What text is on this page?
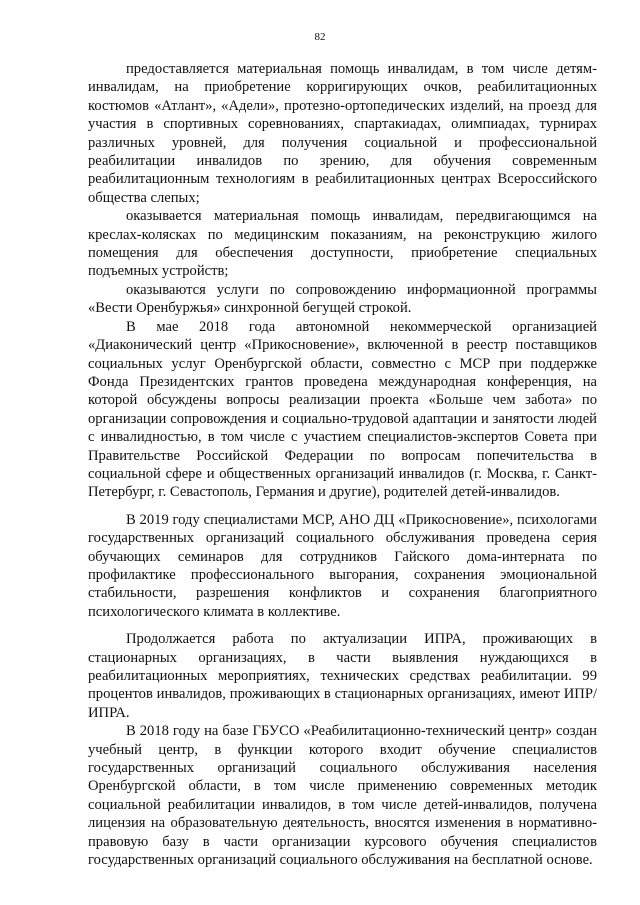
82

предоставляется материальная помощь инвалидам, в том числе детям-инвалидам, на приобретение корригирующих очков, реабилитационных костюмов «Атлант», «Адели», протезно-ортопедических изделий, на проезд для участия в спортивных соревнованиях, спартакиадах, олимпиадах, турнирах различных уровней, для получения социальной и профессиональной реабилитации инвалидов по зрению, для обучения современным реабилитационным технологиям в реабилитационных центрах Всероссийского общества слепых;

оказывается материальная помощь инвалидам, передвигающимся на креслах-колясках по медицинским показаниям, на реконструкцию жилого помещения для обеспечения доступности, приобретение специальных подъемных устройств;

оказываются услуги по сопровождению информационной программы «Вести Оренбуржья» синхронной бегущей строкой.

В мае 2018 года автономной некоммерческой организацией «Диаконический центр «Прикосновение», включенной в реестр поставщиков социальных услуг Оренбургской области, совместно с МСР при поддержке Фонда Президентских грантов проведена международная конференция, на которой обсуждены вопросы реализации проекта «Больше чем забота» по организации сопровождения и социально-трудовой адаптации и занятости людей с инвалидностью, в том числе с участием специалистов-экспертов Совета при Правительстве Российской Федерации по вопросам попечительства в социальной сфере и общественных организаций инвалидов (г. Москва, г. Санкт-Петербург, г. Севастополь, Германия и другие), родителей детей-инвалидов.

В 2019 году специалистами МСР, АНО ДЦ «Прикосновение», психологами государственных организаций социального обслуживания проведена серия обучающих семинаров для сотрудников Гайского дома-интерната по профилактике профессионального выгорания, сохранения эмоциональной стабильности, разрешения конфликтов и сохранения благоприятного психологического климата в коллективе.

Продолжается работа по актуализации ИПРА, проживающих в стационарных организациях, в части выявления нуждающихся в реабилитационных мероприятиях, технических средствах реабилитации. 99 процентов инвалидов, проживающих в стационарных организациях, имеют ИПР/ИПРА.

В 2018 году на базе ГБУСО «Реабилитационно-технический центр» создан учебный центр, в функции которого входит обучение специалистов государственных организаций социального обслуживания населения Оренбургской области, в том числе применению современных методик социальной реабилитации инвалидов, в том числе детей-инвалидов, получена лицензия на образовательную деятельность, вносятся изменения в нормативно-правовую базу в части организации курсового обучения специалистов государственных организаций социального обслуживания на бесплатной основе.
